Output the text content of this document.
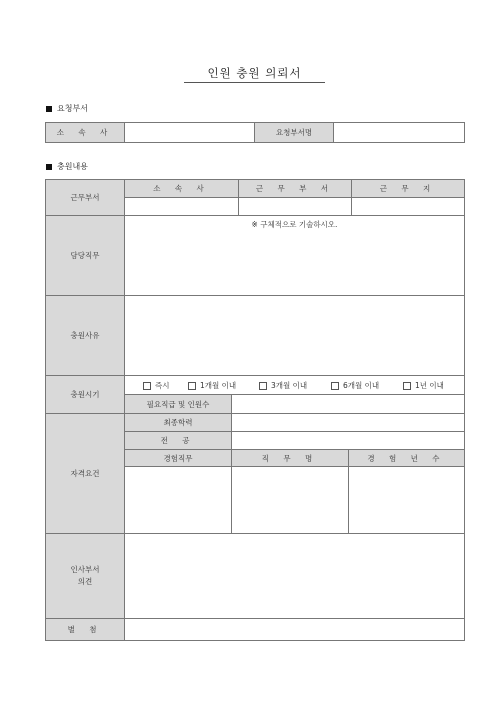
인원 충원 의뢰서
요청부서
소 속 사	요청부서명
충원내용
근무부서
소 속 사	근 무 부 서	근 무 지
담당직무
※ 구체적으로 기술하시오.
충원사유
충원시기
즉시	1개월 이내	3개월 이내	6개월 이내	1년 이내
필요직급 및 인원수
자격요건
최종학력
전 공
경험직무	직 무 명	경 험 년 수
인사부서
의견
별 첨
